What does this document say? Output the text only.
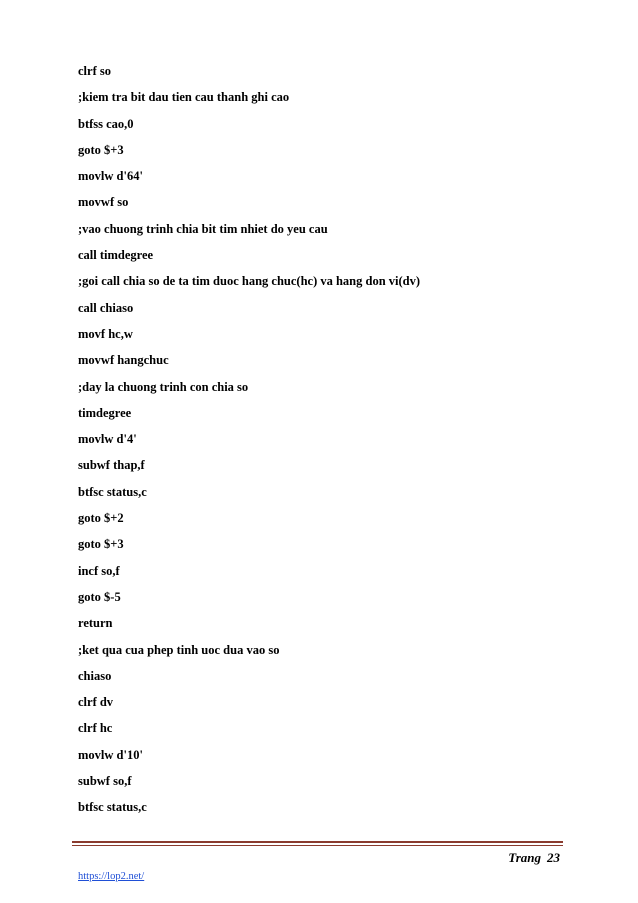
clrf so
;kiem tra bit dau tien cau thanh ghi cao
btfss cao,0
goto $+3
movlw d'64'
movwf so
;vao chuong trinh chia bit tim nhiet do yeu cau
call timdegree
;goi call chia so de ta tim duoc hang chuc(hc) va hang don vi(dv)
call chiaso
movf hc,w
movwf hangchuc
;day la chuong trinh con chia so
timdegree
movlw d'4'
subwf thap,f
btfsc status,c
goto $+2
goto $+3
incf so,f
goto $-5
return
;ket qua cua phep tinh uoc dua vao so
chiaso
clrf dv
clrf hc
movlw d'10'
subwf so,f
btfsc status,c
Trang 23
https://lop2.net/
